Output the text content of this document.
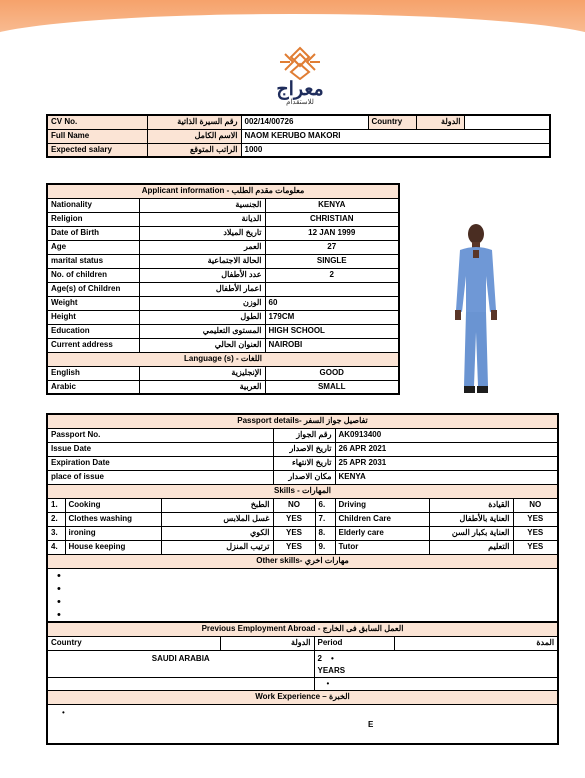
معراج
للاستقدام
CV No.	رقم السيرة الذاتية	002/14/00726	Country	الدولة	
Full Name	الاسم الكامل	NAOM KERUBO MAKORI			
Expected salary	الراتب المتوقع	1000			
Applicant information - معلومات مقدم الطلب		
Nationality	الجنسية	KENYA
Religion	الديانة	CHRISTIAN
Date of Birth	تاريخ الميلاد	12 JAN 1999
Age	العمر	27
marital status	الحالة الاجتماعية	SINGLE
No. of children	عدد الأطفال	2
Age(s) of Children	اعمار الأطفال	
Weight	الوزن	60
Height	الطول	179CM
Education	المستوى التعليمي	HIGH SCHOOL
Current address	العنوان الحالي	NAIROBI
Language (s) - اللغات		
English	الإنجليزية	GOOD
Arabic	العربية	SMALL
Passport details- تفاصيل جواز السفر							
Passport No.			رقم الجواز		AK0913400		
Issue Date			تاريخ الاصدار		26 APR 2021		
Expiration Date			تاريخ الانتهاء		25 APR 2031		
place of issue			مكان الاصدار		KENYA		
Skills - المهارات							
1.	Cooking	الطبخ	NO	6.	Driving	القيادة	NO
2.	Clothes washing	غسل الملابس	YES	7.	Children Care	العناية بالأطفال	YES
3.	ironing	الكوي	YES	8.	Elderly care	العناية بكبار السن	YES
4.	House keeping	ترتيب المنزل	YES	9.	Tutor	التعليم	YES
Other skills- مهارات اخري							

•
•
•
•
Previous Employment Abroad - العمل السابق فى الخارج			
Country	الدولة	Period	المدة
SAUDI ARABIA		2 •
YEARS	
		•	
Work Experience – الخبرة			
•
E			
